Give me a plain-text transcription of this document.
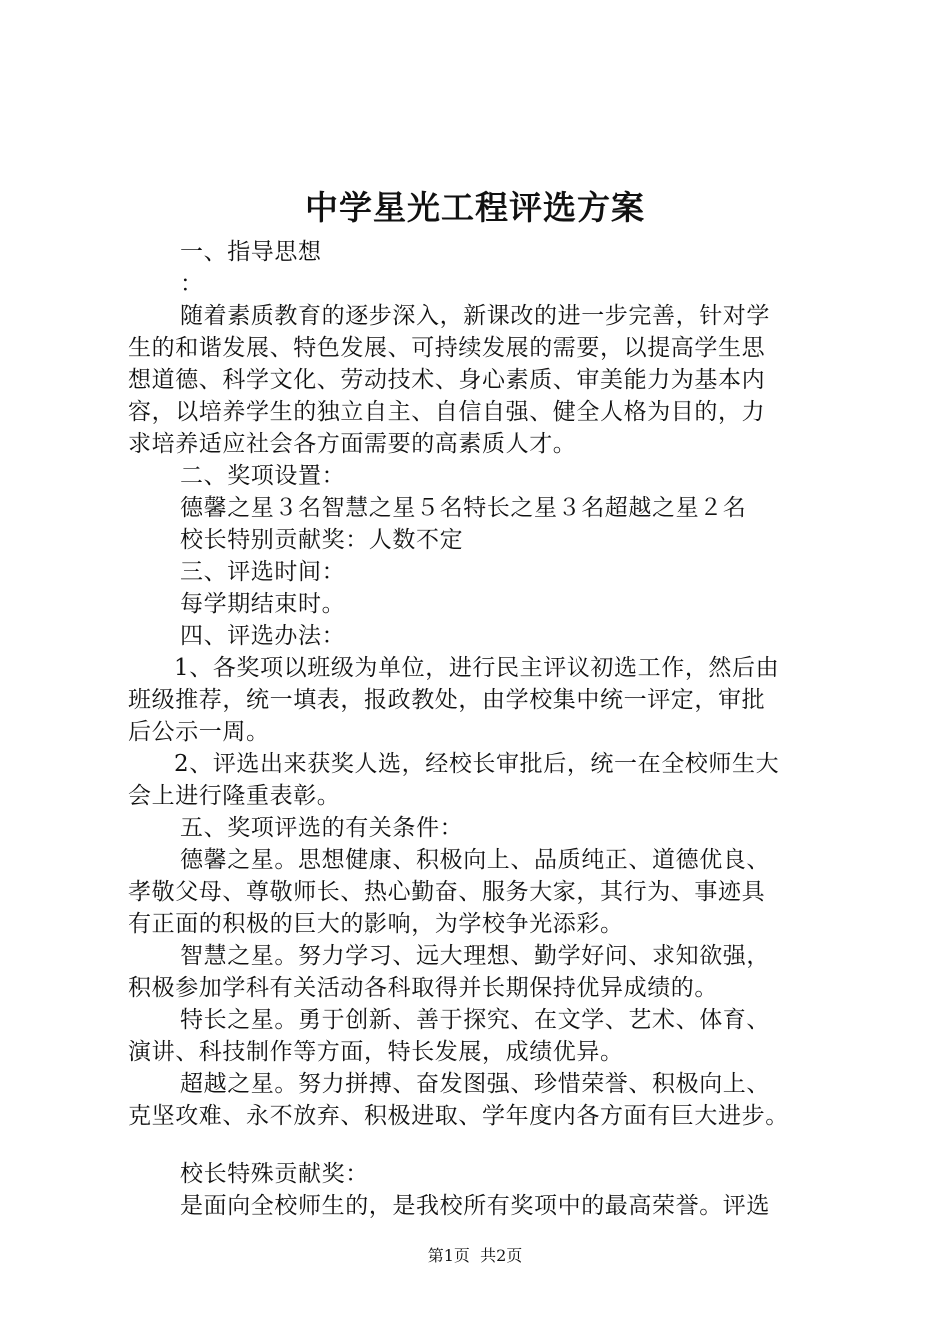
中学星光工程评选方案
一、指导思想
：
随着素质教育的逐步深入，新课改的进一步完善，针对学
生的和谐发展、特色发展、可持续发展的需要，以提高学生思
想道德、科学文化、劳动技术、身心素质、审美能力为基本内
容，以培养学生的独立自主、自信自强、健全人格为目的，力
求培养适应社会各方面需要的高素质人才。
二、奖项设置：
德馨之星３名智慧之星５名特长之星３名超越之星２名
校长特别贡献奖：人数不定
三、评选时间：
每学期结束时。
四、评选办法：
1、各奖项以班级为单位，进行民主评议初选工作，然后由
班级推荐，统一填表，报政教处，由学校集中统一评定，审批
后公示一周。
2、评选出来获奖人选，经校长审批后，统一在全校师生大
会上进行隆重表彰。
五、奖项评选的有关条件：
德馨之星。思想健康、积极向上、品质纯正、道德优良、
孝敬父母、尊敬师长、热心勤奋、服务大家，其行为、事迹具
有正面的积极的巨大的影响，为学校争光添彩。
智慧之星。努力学习、远大理想、勤学好问、求知欲强，
积极参加学科有关活动各科取得并长期保持优异成绩的。
特长之星。勇于创新、善于探究、在文学、艺术、体育、
演讲、科技制作等方面，特长发展，成绩优异。
超越之星。努力拼搏、奋发图强、珍惜荣誉、积极向上、
克坚攻难、永不放弃、积极进取、学年度内各方面有巨大进步。
校长特殊贡献奖：
是面向全校师生的，是我校所有奖项中的最高荣誉。评选
第1页  共2页
